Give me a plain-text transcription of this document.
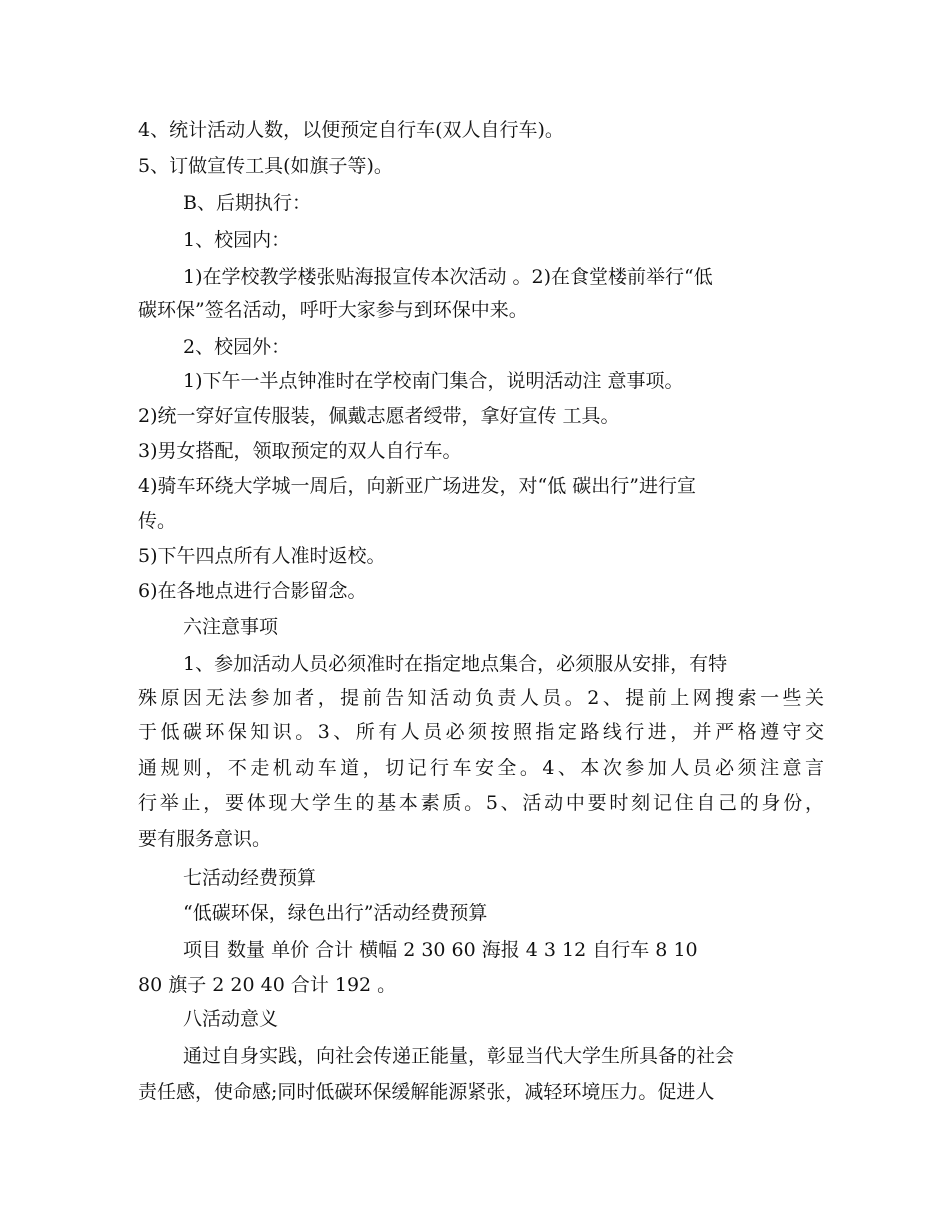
4、统计活动人数，以便预定自行车(双人自行车)。
5、订做宣传工具(如旗子等)。
B、后期执行：
1、校园内：
1)在学校教学楼张贴海报宣传本次活动 。2)在食堂楼前举行“低
碳环保”签名活动，呼吁大家参与到环保中来。
2、校园外：
1)下午一半点钟准时在学校南门集合，说明活动注 意事项。
2)统一穿好宣传服装，佩戴志愿者绶带，拿好宣传 工具。
3)男女搭配，领取预定的双人自行车。
4)骑车环绕大学城一周后，向新亚广场进发，对“低 碳出行”进行宣
传。
5)下午四点所有人准时返校。
6)在各地点进行合影留念。
六注意事项
1、参加活动人员必须准时在指定地点集合，必须服从安排，有特
殊原因无法参加者，提前告知活动负责人员。2、提前上网搜索一些关
于低碳环保知识。3、所有人员必须按照指定路线行进，并严格遵守交
通规则，不走机动车道，切记行车安全。4、本次参加人员必须注意言
行举止，要体现大学生的基本素质。5、活动中要时刻记住自己的身份，
要有服务意识。
七活动经费预算
“低碳环保，绿色出行”活动经费预算
项目 数量 单价 合计 横幅 2 30 60 海报 4 3 12 自行车 8 10
80 旗子 2 20 40 合计 192 。
八活动意义
通过自身实践，向社会传递正能量，彰显当代大学生所具备的社会
责任感，使命感;同时低碳环保缓解能源紧张，减轻环境压力。促进人
